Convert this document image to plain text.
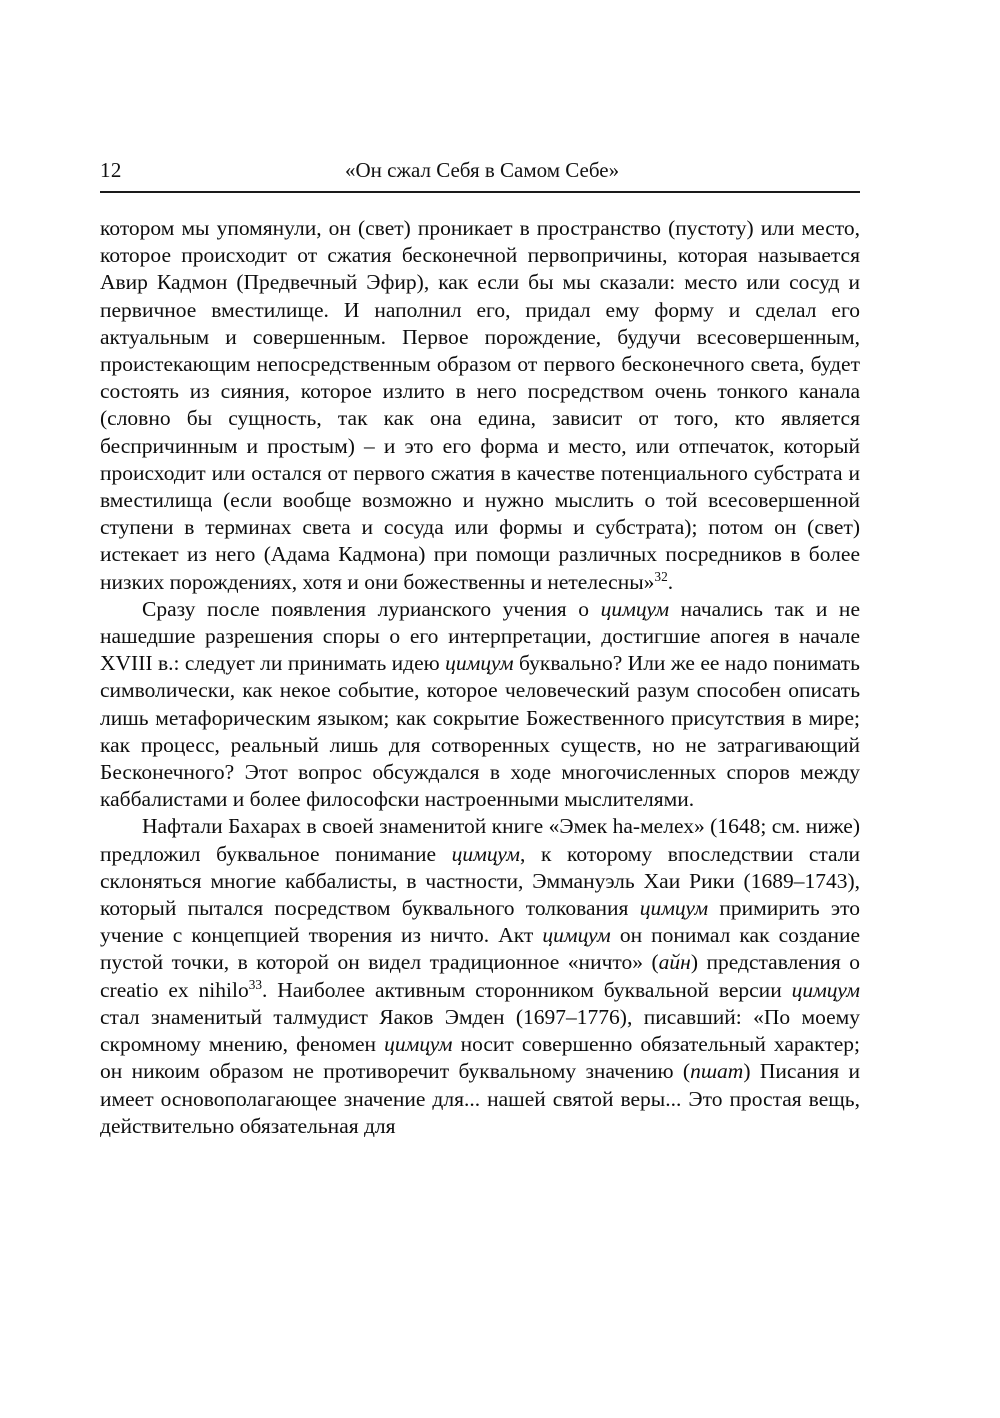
12	«Он сжал Себя в Самом Себе»

котором мы упомянули, он (свет) проникает в пространство (пустоту) или место, которое происходит от сжатия бесконечной первопричины, которая называется Авир Кадмон (Предвечный Эфир), как если бы мы сказали: место или сосуд и первичное вместилище. И наполнил его, придал ему форму и сделал его актуальным и совершенным. Первое порождение, будучи всесовершенным, проистекающим непосредственным образом от первого бесконечного света, будет состоять из сияния, которое излито в него посредством очень тонкого канала (словно бы сущность, так как она едина, зависит от того, кто является беспричинным и простым) – и это его форма и место, или отпечаток, который происходит или остался от первого сжатия в качестве потенциального субстрата и вместилища (если вообще возможно и нужно мыслить о той всесовершенной ступени в терминах света и сосуда или формы и субстрата); потом он (свет) истекает из него (Адама Кадмона) при помощи различных посредников в более низких порождениях, хотя и они божественны и нетелесны»$^{32}$.

Сразу после появления лурианского учения о цимцум начались так и не нашедшие разрешения споры о его интерпретации, достигшие апогея в начале XVIII в.: следует ли принимать идею цимцум буквально? Или же ее надо понимать символически, как некое событие, которое человеческий разум способен описать лишь метафорическим языком; как сокрытие Божественного присутствия в мире; как процесс, реальный лишь для сотворенных существ, но не затрагивающий Бесконечного? Этот вопрос обсуждался в ходе многочисленных споров между каббалистами и более философски настроенными мыслителями.

Нафтали Бахарах в своей знаменитой книге «Эмек ha-мелех» (1648; см. ниже) предложил буквальное понимание цимцум, к которому впоследствии стали склоняться многие каббалисты, в частности, Эммануэль Хаи Рики (1689–1743), который пытался посредством буквального толкования цимцум примирить это учение с концепцией творения из ничто. Акт цимцум он понимал как создание пустой точки, в которой он видел традиционное «ничто» (айн) представления о creatio ex nihilo$^{33}$. Наиболее активным сторонником буквальной версии цимцум стал знаменитый талмудист Яаков Эмден (1697–1776), писавший: «По моему скромному мнению, феномен цимцум носит совершенно обязательный характер; он никоим образом не противоречит буквальному значению (пшат) Писания и имеет основополагающее значение для... нашей святой веры... Это простая вещь, действительно обязательная для
